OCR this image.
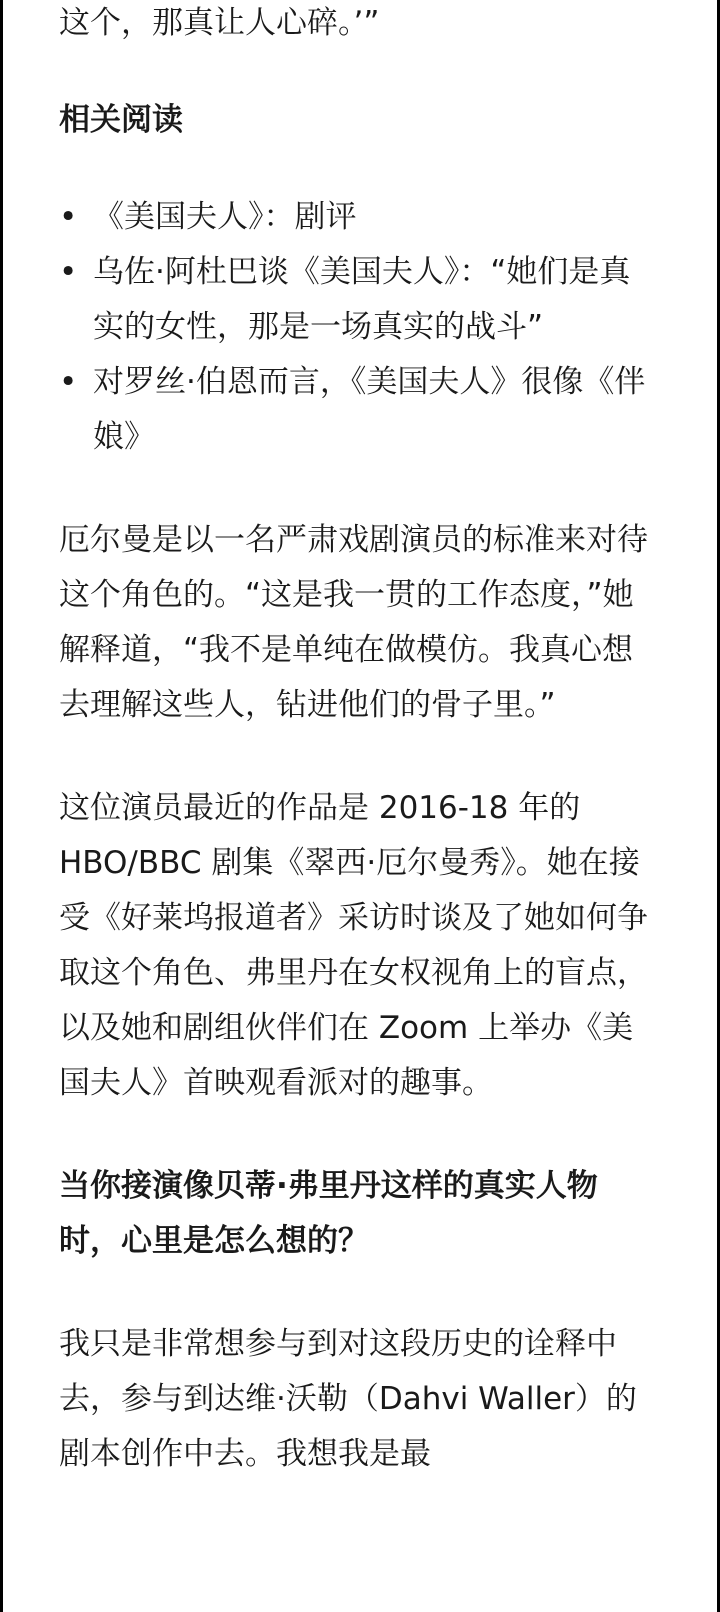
这个，那真让人心碎。’”

相关阅读

• 《美国夫人》：剧评
• 乌佐·阿杜巴谈《美国夫人》：“她们是真实的女性，那是一场真实的战斗”
• 对罗丝·伯恩而言，《美国夫人》很像《伴娘》

厄尔曼是以一名严肃戏剧演员的标准来对待这个角色的。“这是我一贯的工作态度，”她解释道，“我不是单纯在做模仿。我真心想去理解这些人，钻进他们的骨子里。”

这位演员最近的作品是 2016-18 年的 HBO/BBC 剧集《翠西·厄尔曼秀》。她在接受《好莱坞报道者》采访时谈及了她如何争取这个角色、弗里丹在女权视角上的盲点，以及她和剧组伙伴们在 Zoom 上举办《美国夫人》首映观看派对的趣事。

当你接演像贝蒂·弗里丹这样的真实人物时，心里是怎么想的？

我只是非常想参与到对这段历史的诠释中去，参与到达维·沃勒（Dahvi Waller）的剧本创作中去。我想我是最
